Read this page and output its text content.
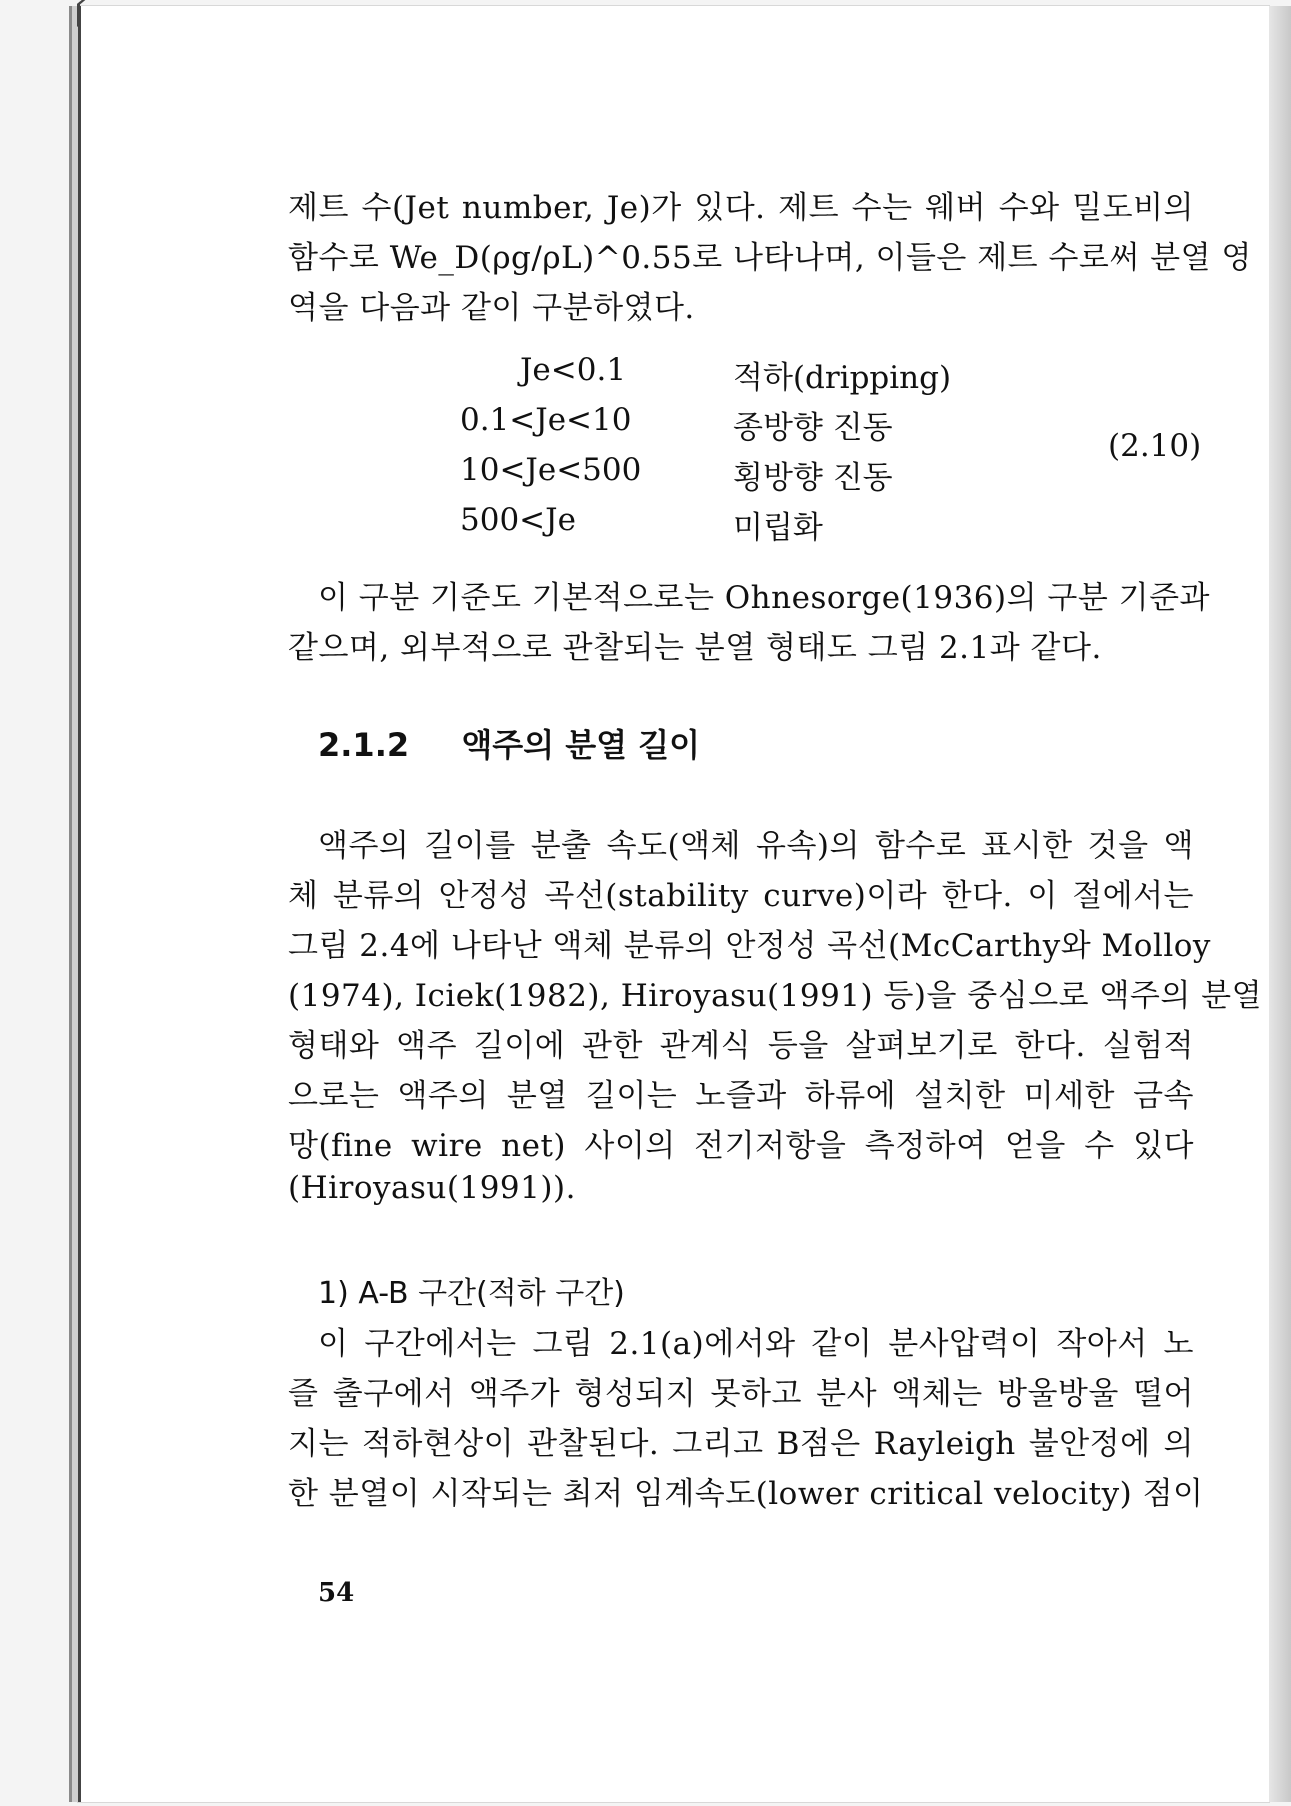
제트 수(Jet number, Je)가 있다. 제트 수는 웨버 수와 밀도비의
함수로 We_D(ρg/ρL)^0.55로 나타나며, 이들은 제트 수로써 분열 영
역을 다음과 같이 구분하였다.
Je<0.1	적하(dripping)
0.1<Je<10	종방향 진동
10<Je<500	횡방향 진동
500<Je	미립화
(2.10)
이 구분 기준도 기본적으로는 Ohnesorge(1936)의 구분 기준과
같으며, 외부적으로 관찰되는 분열 형태도 그림 2.1과 같다.
2.1.2 액주의 분열 길이
액주의 길이를 분출 속도(액체 유속)의 함수로 표시한 것을 액
체 분류의 안정성 곡선(stability curve)이라 한다. 이 절에서는
그림 2.4에 나타난 액체 분류의 안정성 곡선(McCarthy와 Molloy
(1974), Iciek(1982), Hiroyasu(1991) 등)을 중심으로 액주의 분열
형태와 액주 길이에 관한 관계식 등을 살펴보기로 한다. 실험적
으로는 액주의 분열 길이는 노즐과 하류에 설치한 미세한 금속
망(fine wire net) 사이의 전기저항을 측정하여 얻을 수 있다
(Hiroyasu(1991)).
1) A-B 구간(적하 구간)
이 구간에서는 그림 2.1(a)에서와 같이 분사압력이 작아서 노
즐 출구에서 액주가 형성되지 못하고 분사 액체는 방울방울 떨어
지는 적하현상이 관찰된다. 그리고 B점은 Rayleigh 불안정에 의
한 분열이 시작되는 최저 임계속도(lower critical velocity) 점이
54
